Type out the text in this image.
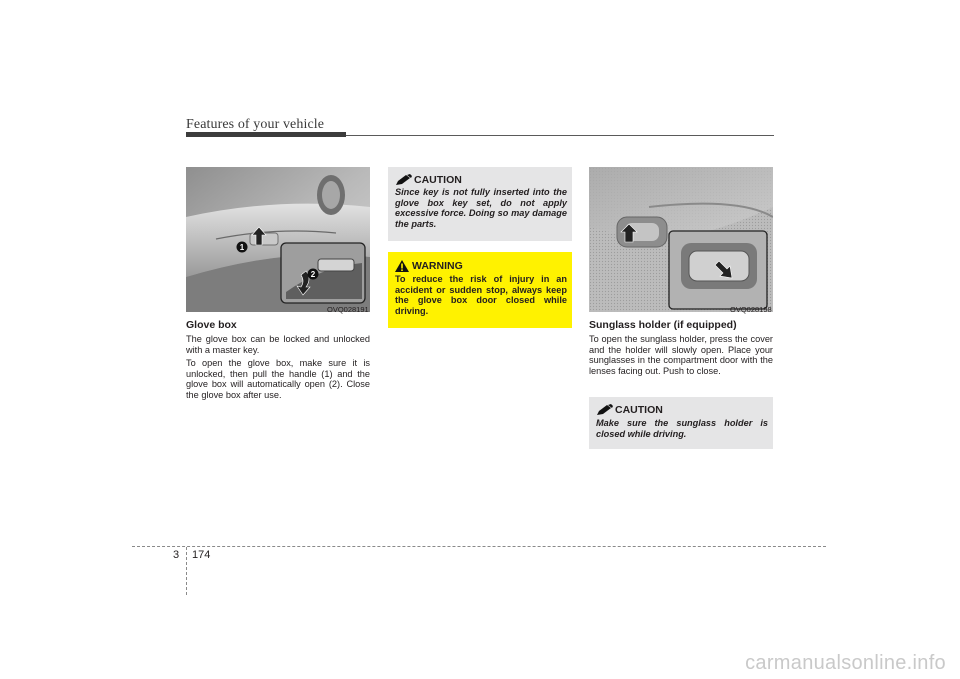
Features of your vehicle
1
2
OVQ028191
Glove box

The glove box can be locked and unlocked with a master key.

To open the glove box, make sure it is unlocked, then pull the handle (1) and the glove box will automatically open (2). Close the glove box after use.

CAUTION
Since key is not fully inserted into the glove box key set, do not apply excessive force. Doing so may damage the parts.
WARNING
To reduce the risk of injury in an accident or sudden stop, always keep the glove box door closed while driving.	OVQ028198
Sunglass holder (if equipped)
To open the sunglass holder, press the cover and the holder will slowly open. Place your sunglasses in the compartment door with the lenses facing out. Push to close.
CAUTION
Make sure the sunglass holder is closed while driving.
3 174
carmanualsonline.info
